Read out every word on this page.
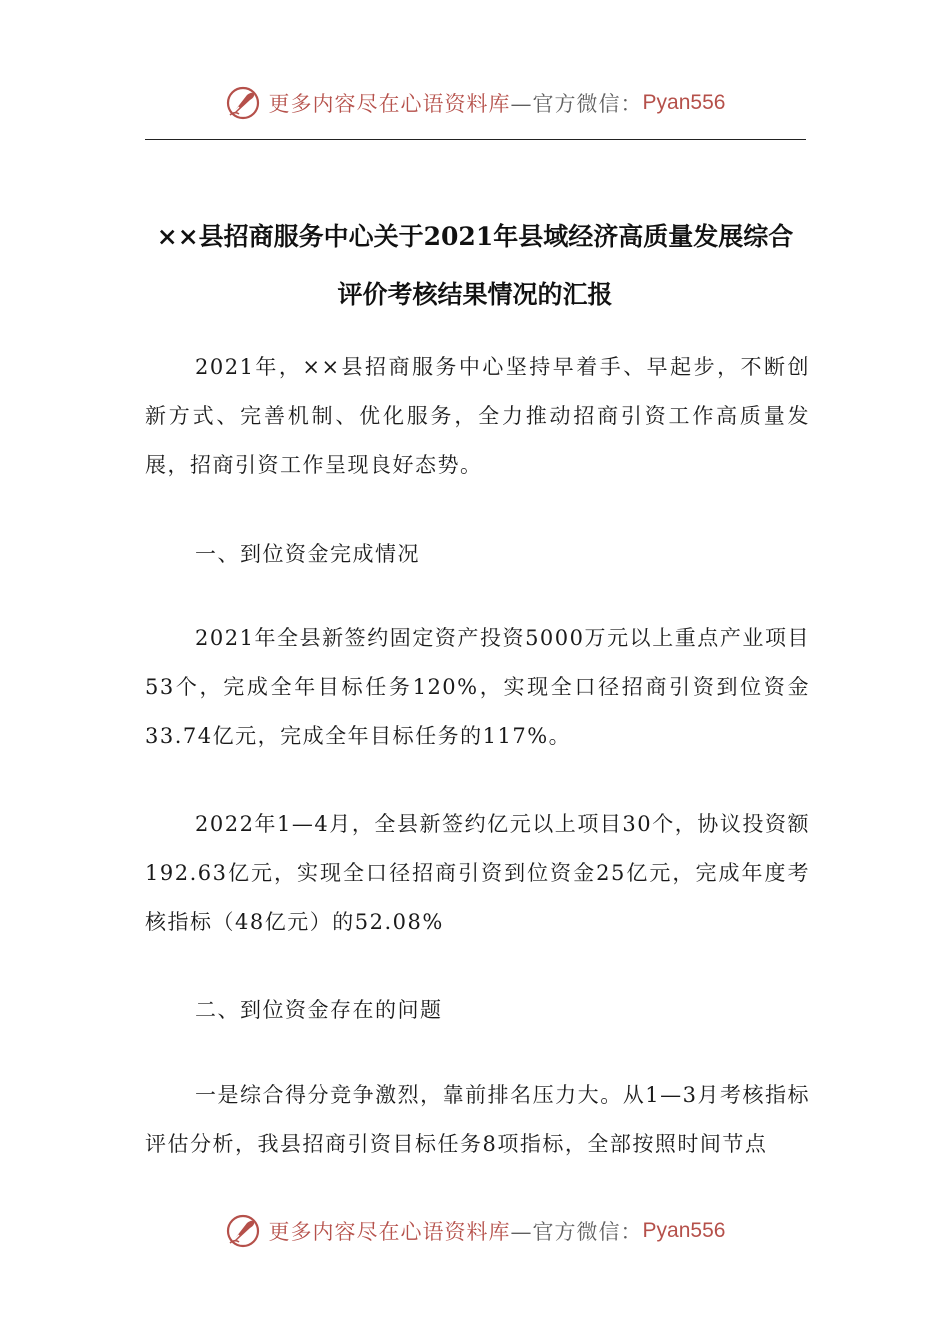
更多内容尽在心语资料库 —官方微信： Pyan556
××县招商服务中心关于2021年县域经济高质量发展综合
评价考核结果情况的汇报

2021年，××县招商服务中心坚持早着手、早起步，不断创新方式、完善机制、优化服务，全力推动招商引资工作高质量发展，招商引资工作呈现良好态势。

一、到位资金完成情况

2021年全县新签约固定资产投资5000万元以上重点产业项目53个，完成全年目标任务120%，实现全口径招商引资到位资金33.74亿元，完成全年目标任务的117%。

2022年1—4月，全县新签约亿元以上项目30个，协议投资额192.63亿元，实现全口径招商引资到位资金25亿元，完成年度考核指标（48亿元）的52.08%

二、到位资金存在的问题

一是综合得分竞争激烈，靠前排名压力大。从1—3月考核指标评估分析，我县招商引资目标任务8项指标，全部按照时间节点

更多内容尽在心语资料库 —官方微信： Pyan556
